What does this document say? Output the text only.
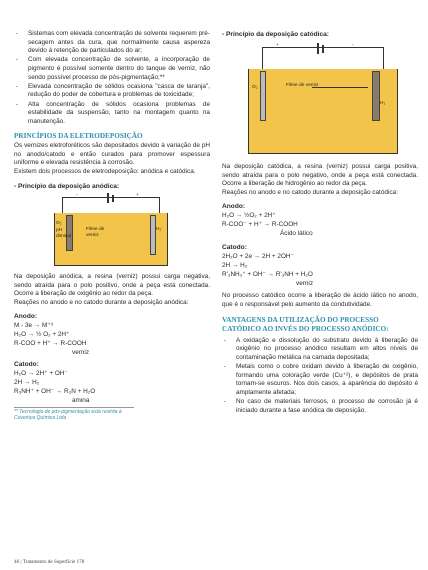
- Sistemas com elevada concentração de solvente requerem pré-secagem antes da cura, que normalmente causa aspereza devido à retenção de particulados do ar;
- Com elevada concentração de solvente, a incorporação de pigmento é possível somente dentro do tanque de verniz, não sendo possível processo de pós-pigmentação;**
- Elevada concentração de sólidos ocasiona "casca de laranja", redução do poder de cobertura e problemas de toxicidade;
- Alta concentração de sólidos ocasiona problemas de estabilidade da suspensão, tanto na montagem quanto na manutenção.

PRINCÍPIOS DA ELETRODEPOSIÇÃO

Os vernizes eletroforéticos são depositados devido à variação de pH no anodo/catodo e então curados para promover espessura uniforme e elevada resistência à corrosão.

Existem dois processos de eletrodeposição: anódica e catódica.

- Princípio da deposição anódica:

-	+
O₂
pH
diminui
Filme de verniz
H₂

Na deposição anódica, a resina (verniz) possui carga negativa, sendo atraída para o polo positivo, onde a peça está conectada. Ocorre a liberação de oxigênio ao redor da peça.

Reações no anodo e no catodo durante a deposição anódica:

Anodo:

M - 3e → M⁺³

H₂O → ½ O₂ + 2H⁺

R-COO + H⁺ → R-COOH

verniz

Catodo:

H₂O → 2H⁺ + OH⁻

2H → H₂

R₃NH⁺ + OH⁻ → R₃N + H₂O

amina

** Tecnologia de pós-pigmentação está restrita à Coventya Química Ltda

- Princípio da deposição catódica:

+	-
O₂	Filme de verniz
H₂

Na deposição catódica, a resina (verniz) possui carga positiva, sendo atraída para o polo negativo, onde a peça está conectada. Ocorre a liberação de hidrogênio ao redor da peça.

Reações no anodo e no catodo durante a deposição catódica:

Anodo:

H₂O → ½O₂ + 2H⁺

R-COO⁻ + H⁺ → R-COOH

Ácido lático

Catodo:

2H₂O + 2e → 2H + 2OH⁻

2H → H₂

R'₃NH₃⁺ + OH⁻ → R'₃NH + H₂O

verniz

No processo catódico ocorre a liberação de ácido lático no anodo, que é o responsável pelo aumento da condutividade.

VANTAGENS DA UTILIZAÇÃO DO PROCESSO CATÓDICO AO INVÉS DO PROCESSO ANÓDICO:

- A oxidação e dissolução do substrato devido à liberação de oxigênio no processo anódico resultam em altos níveis de contaminação metálica na camada depositada;
- Metais como o cobre oxidam devido à liberação de oxigênio, formando uma coloração verde (Cu⁺²), e depósitos de prata tornam-se escuros. Nos dois casos, a aparência do depósito é amplamente afetada;
- No caso de materiais ferrosos, o processo de corrosão já é iniciado durante a fase anódica de deposição.
46 | Tratamento de Superfície 178
